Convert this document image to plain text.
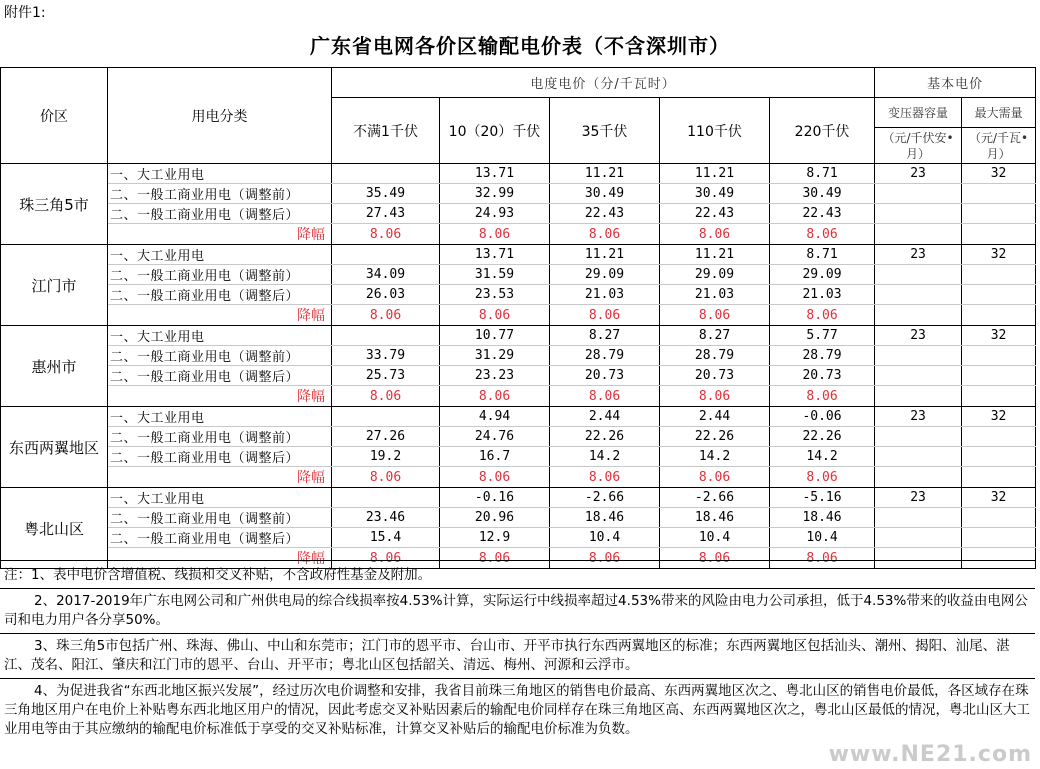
附件1:
广东省电网各价区输配电价表（不含深圳市）
价区	用电分类	电度电价（分/千瓦时）					基本电价	
		不满1千伏	10（20）千伏	35千伏	110千伏	220千伏	变压器容量	最大需量
							（元/千伏安•月）	（元/千瓦•月）
珠三角5市	一、大工业用电		13.71	11.21	11.21	8.71	23	32
	二、一般工商业用电（调整前）	35.49	32.99	30.49	30.49	30.49		
	二、一般工商业用电（调整后）	27.43	24.93	22.43	22.43	22.43		
	降幅	8.06	8.06	8.06	8.06	8.06		
江门市	一、大工业用电		13.71	11.21	11.21	8.71	23	32
	二、一般工商业用电（调整前）	34.09	31.59	29.09	29.09	29.09		
	二、一般工商业用电（调整后）	26.03	23.53	21.03	21.03	21.03		
	降幅	8.06	8.06	8.06	8.06	8.06		
惠州市	一、大工业用电		10.77	8.27	8.27	5.77	23	32
	二、一般工商业用电（调整前）	33.79	31.29	28.79	28.79	28.79		
	二、一般工商业用电（调整后）	25.73	23.23	20.73	20.73	20.73		
	降幅	8.06	8.06	8.06	8.06	8.06		
东西两翼地区	一、大工业用电		4.94	2.44	2.44	-0.06	23	32
	二、一般工商业用电（调整前）	27.26	24.76	22.26	22.26	22.26		
	二、一般工商业用电（调整后）	19.2	16.7	14.2	14.2	14.2		
	降幅	8.06	8.06	8.06	8.06	8.06		
粤北山区	一、大工业用电		-0.16	-2.66	-2.66	-5.16	23	32
	二、一般工商业用电（调整前）	23.46	20.96	18.46	18.46	18.46		
	二、一般工商业用电（调整后）	15.4	12.9	10.4	10.4	10.4		
	降幅	8.06	8.06	8.06	8.06	8.06		
注：1、表中电价含增值税、线损和交叉补贴，不含政府性基金及附加。
2、2017-2019年广东电网公司和广州供电局的综合线损率按4.53%计算，实际运行中线损率超过4.53%带来的风险由电力公司承担，低于4.53%带来的收益由电网公司和电力用户各分享50%。
3、珠三角5市包括广州、珠海、佛山、中山和东莞市；江门市的恩平市、台山市、开平市执行东西两翼地区的标准；东西两翼地区包括汕头、潮州、揭阳、汕尾、湛江、茂名、阳江、肇庆和江门市的恩平、台山、开平市；粤北山区包括韶关、清远、梅州、河源和云浮市。
4、为促进我省“东西北地区振兴发展”，经过历次电价调整和安排，我省目前珠三角地区的销售电价最高、东西两翼地区次之、粤北山区的销售电价最低，各区域存在珠三角地区用户在电价上补贴粤东西北地区用户的情况，因此考虑交叉补贴因素后的输配电价同样存在珠三角地区高、东西两翼地区次之，粤北山区最低的情况，粤北山区大工业用电等由于其应缴纳的输配电价标准低于享受的交叉补贴标准，计算交叉补贴后的输配电价标准为负数。
www.NE21.com
